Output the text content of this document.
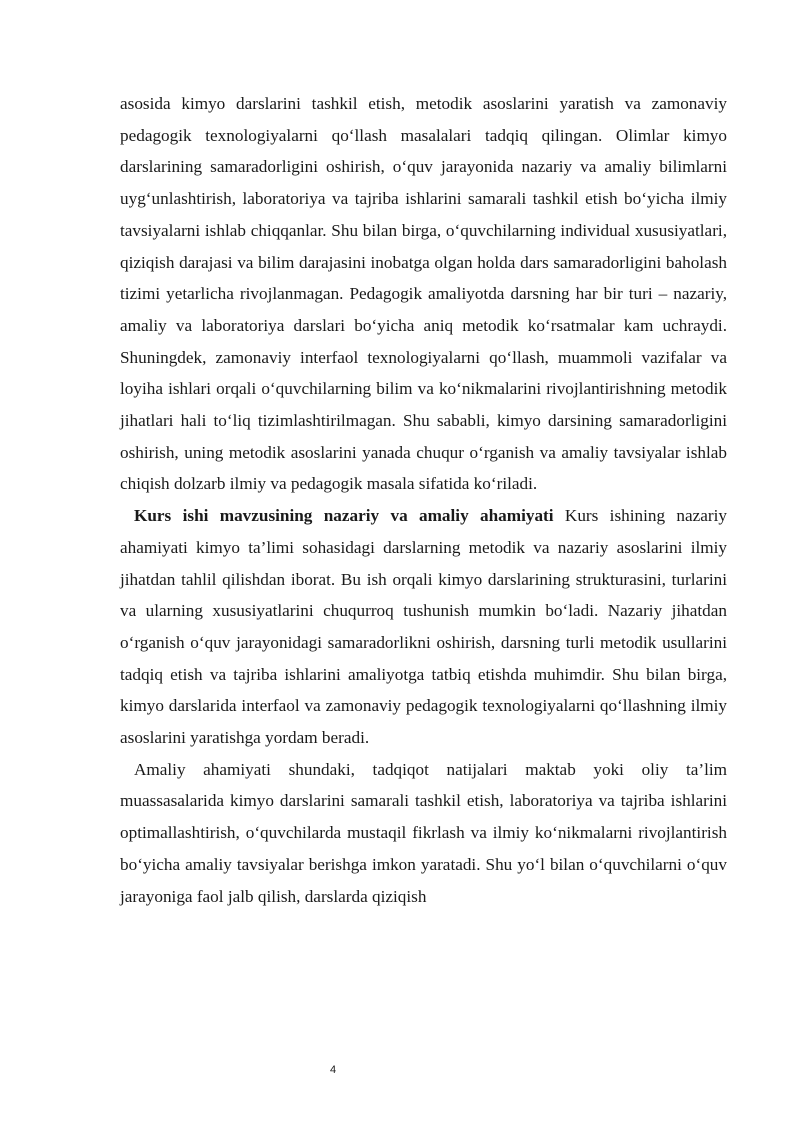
asosida kimyo darslarini tashkil etish, metodik asoslarini yaratish va zamonaviy pedagogik texnologiyalarni qo‘llash masalalari tadqiq qilingan. Olimlar kimyo darslarining samaradorligini oshirish, o‘quv jarayonida nazariy va amaliy bilimlarni uyg‘unlashtirish, laboratoriya va tajriba ishlarini samarali tashkil etish bo‘yicha ilmiy tavsiyalarni ishlab chiqqanlar. Shu bilan birga, o‘quvchilarning individual xususiyatlari, qiziqish darajasi va bilim darajasini inobatga olgan holda dars samaradorligini baholash tizimi yetarlicha rivojlanmagan. Pedagogik amaliyotda darsning har bir turi – nazariy, amaliy va laboratoriya darslari bo‘yicha aniq metodik ko‘rsatmalar kam uchraydi. Shuningdek, zamonaviy interfaol texnologiyalarni qo‘llash, muammoli vazifalar va loyiha ishlari orqali o‘quvchilarning bilim va ko‘nikmalarini rivojlantirishning metodik jihatlari hali to‘liq tizimlashtirilmagan. Shu sababli, kimyo darsining samaradorligini oshirish, uning metodik asoslarini yanada chuqur o‘rganish va amaliy tavsiyalar ishlab chiqish dolzarb ilmiy va pedagogik masala sifatida ko‘riladi.

Kurs ishi mavzusining nazariy va amaliy ahamiyati Kurs ishining nazariy ahamiyati kimyo ta’limi sohasidagi darslarning metodik va nazariy asoslarini ilmiy jihatdan tahlil qilishdan iborat. Bu ish orqali kimyo darslarining strukturasini, turlarini va ularning xususiyatlarini chuqurroq tushunish mumkin bo‘ladi. Nazariy jihatdan o‘rganish o‘quv jarayonidagi samaradorlikni oshirish, darsning turli metodik usullarini tadqiq etish va tajriba ishlarini amaliyotga tatbiq etishda muhimdir. Shu bilan birga, kimyo darslarida interfaol va zamonaviy pedagogik texnologiyalarni qo‘llashning ilmiy asoslarini yaratishga yordam beradi.

Amaliy ahamiyati shundaki, tadqiqot natijalari maktab yoki oliy ta’lim muassasalarida kimyo darslarini samarali tashkil etish, laboratoriya va tajriba ishlarini optimallashtirish, o‘quvchilarda mustaqil fikrlash va ilmiy ko‘nikmalarni rivojlantirish bo‘yicha amaliy tavsiyalar berishga imkon yaratadi. Shu yo‘l bilan o‘quvchilarni o‘quv jarayoniga faol jalb qilish, darslarda qiziqish

4
